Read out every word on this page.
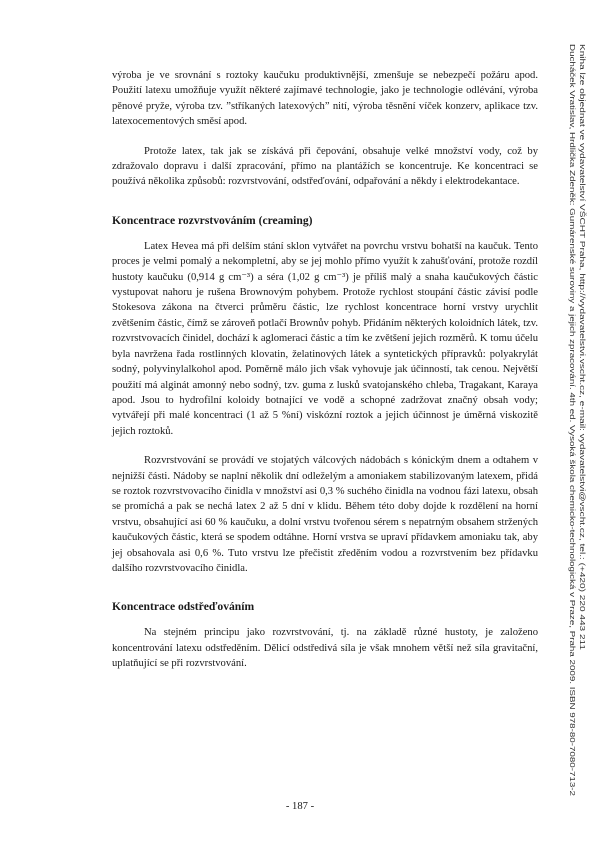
výroba je ve srovnání s roztoky kaučuku produktivnější, zmenšuje se nebezpečí požáru apod. Použití latexu umožňuje využít některé zajímavé technologie, jako je technologie odlévání, výroba pěnové pryže, výroba tzv. ”stříkaných latexových” nití, výroba těsnění víček konzerv, aplikace tzv. latexocementových směsí apod.

Protože latex, tak jak se získává při čepování, obsahuje velké množství vody, což by zdražovalo dopravu i další zpracování, přímo na plantážích se koncentruje. Ke koncentraci se používá několika způsobů: rozvrstvování, odstřeďování, odpařování a někdy i elektrodekantace.

Koncentrace rozvrstvováním (creaming)

Latex Hevea má při delším stání sklon vytvářet na povrchu vrstvu bohatší na kaučuk. Tento proces je velmi pomalý a nekompletní, aby se jej mohlo přímo využít k zahušťování, protože rozdíl hustoty kaučuku (0,914 g cm⁻³) a séra (1,02 g cm⁻³) je příliš malý a snaha kaučukových částic vystupovat nahoru je rušena Brownovým pohybem. Protože rychlost stoupání částic závisí podle Stokesova zákona na čtverci průměru částic, lze rychlost koncentrace horní vrstvy urychlit zvětšením částic, čímž se zároveň potlačí Brownův pohyb. Přidáním některých koloidních látek, tzv. rozvrstvovacích činidel, dochází k aglomeraci částic a tím ke zvětšení jejich rozměrů. K tomu účelu byla navržena řada rostlinných klovatin, želatinových látek a syntetických přípravků: polyakrylát sodný, polyvinylalkohol apod. Poměrně málo jich však vyhovuje jak účinností, tak cenou. Největší použití má alginát amonný nebo sodný, tzv. guma z lusků svatojanského chleba, Tragakant, Karaya apod. Jsou to hydrofilní koloidy botnající ve vodě a schopné zadržovat značný obsah vody; vytvářejí při malé koncentraci (1 až 5 %ní) viskózní roztok a jejich účinnost je úměrná viskozitě jejich roztoků.

Rozvrstvování se provádí ve stojatých válcových nádobách s kónickým dnem a odtahem v nejnižší části. Nádoby se naplní několik dní odleželým a amoniakem stabilizovaným latexem, přidá se roztok rozvrstvovacího činidla v množství asi 0,3 % suchého činidla na vodnou fázi latexu, obsah se promíchá a pak se nechá latex 2 až 5 dní v klidu. Během této doby dojde k rozdělení na horní vrstvu, obsahující asi 60 % kaučuku, a dolní vrstvu tvořenou sérem s nepatrným obsahem stržených kaučukových částic, která se spodem odtáhne. Horní vrstva se upraví přídavkem amoniaku tak, aby jej obsahovala asi 0,6 %. Tuto vrstvu lze přečistit zředěním vodou a rozvrstvením bez přídavku dalšího rozvrstvovacího činidla.

Koncentrace odstřeďováním

Na stejném principu jako rozvrstvování, tj. na základě různé hustoty, je založeno koncentrování latexu odstředěním. Dělicí odstředivá síla je však mnohem větší než síla gravitační, uplatňující se při rozvrstvování.

- 187 -
Ducháček Vratislav, Hrdlička Zdeněk: Gumárenské suroviny a jejich zpracování. 4th ed. Vysoká škola chemicko-technologická v Praze, Praha 2009. ISBN 978-80-7080-713-2 Kniha lze objednat ve vydavatelství VŠCHT Praha, http://vydavatelstvi.vscht.cz, e-mail: vydavatelstvi@vscht.cz, tel.: (+420) 220 443 211
